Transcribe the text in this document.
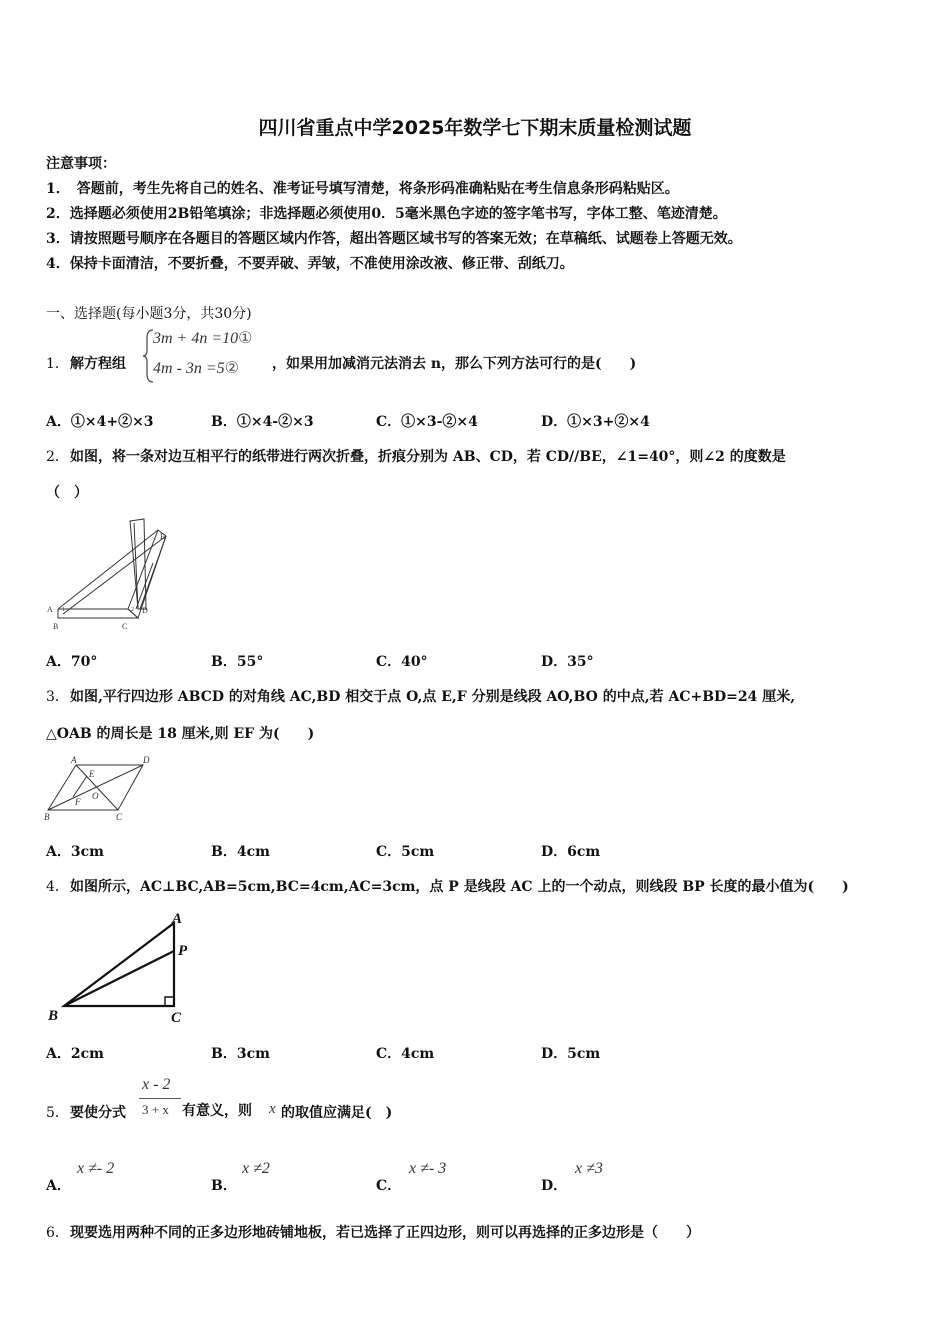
四川省重点中学2025年数学七下期末质量检测试题
注意事项：
1．　答题前，考生先将自己的姓名、准考证号填写清楚，将条形码准确粘贴在考生信息条形码粘贴区。
2．选择题必须使用2B铅笔填涂；非选择题必须使用0．5毫米黑色字迹的签字笔书写，字体工整、笔迹清楚。
3．请按照题号顺序在各题目的答题区域内作答，超出答题区域书写的答案无效；在草稿纸、试题卷上答题无效。
4．保持卡面清洁，不要折叠，不要弄破、弄皱，不准使用涂改液、修正带、刮纸刀。
一、选择题(每小题3分，共30分)
1． 解方程组
3m + 4n =10①
4m - 3n =5② ，如果用加减消元法消去 n，那么下列方法可行的是(　　)
A．①×4+②×3	B．①×4-②×3	C．①×3-②×4	D．①×3+②×4
2． 如图，将一条对边互相平行的纸带进行两次折叠，折痕分别为 AB、CD，若 CD//BE，∠1=40°，则∠2 的度数是
（　）
E
A
B	C
D
1	2
A．70°	B．55°	C．40°	D．35°
3． 如图,平行四边形 ABCD 的对角线 AC,BD 相交于点 O,点 E,F 分别是线段 AO,BO 的中点,若 AC+BD=24 厘米,
△OAB 的周长是 18 厘米,则 EF 为(　　)
A	D
E
O
F
B	C
A．3cm	B．4cm	C．5cm	D．6cm
4． 如图所示，AC⊥BC,AB=5cm,BC=4cm,AC=3cm，点 P 是线段 AC 上的一个动点，则线段 BP 长度的最小值为(　　)
A
P
B	C
A．2cm	B．3cm	C．4cm	D．5cm
5． 要使分式
x - 2
3 + x 有意义，则 x 的取值应满足(　)
A．
x ≠- 2
B．
x ≠2
C．
x ≠- 3
D．
x ≠3
6． 现要选用两种不同的正多边形地砖铺地板，若已选择了正四边形，则可以再选择的正多边形是（　　）
